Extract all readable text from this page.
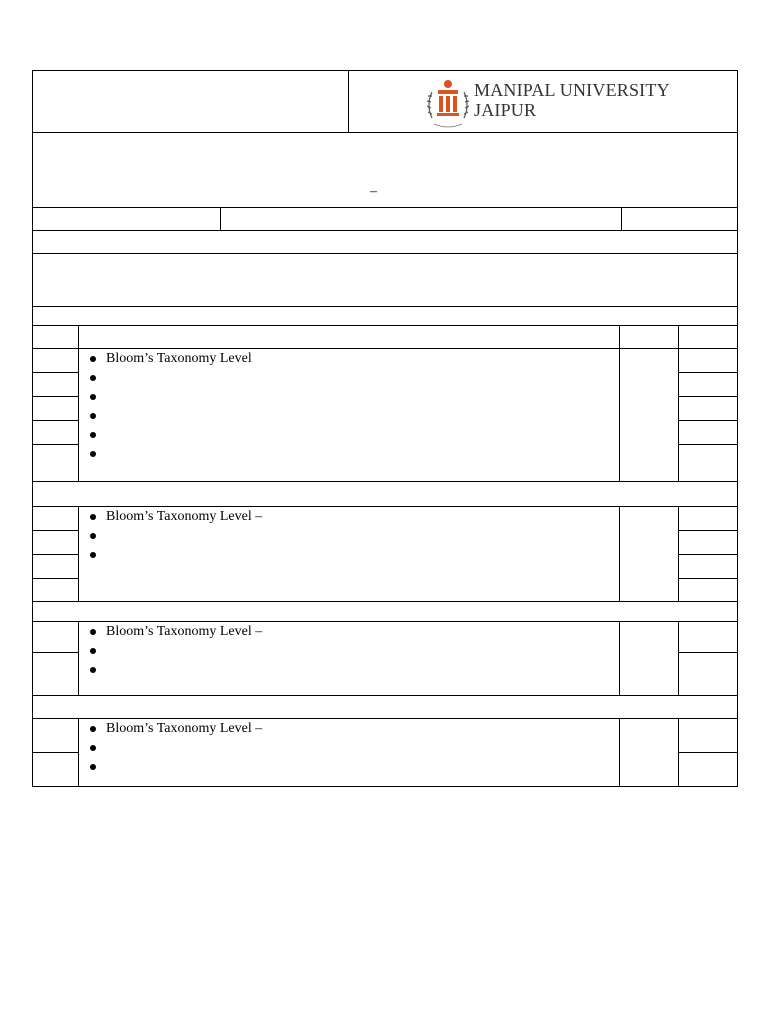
MANIPAL UNIVERSITY
JAIPUR
–
Bloom’s Taxonomy Level
Bloom’s Taxonomy Level –
Bloom’s Taxonomy Level –
Bloom’s Taxonomy Level –
